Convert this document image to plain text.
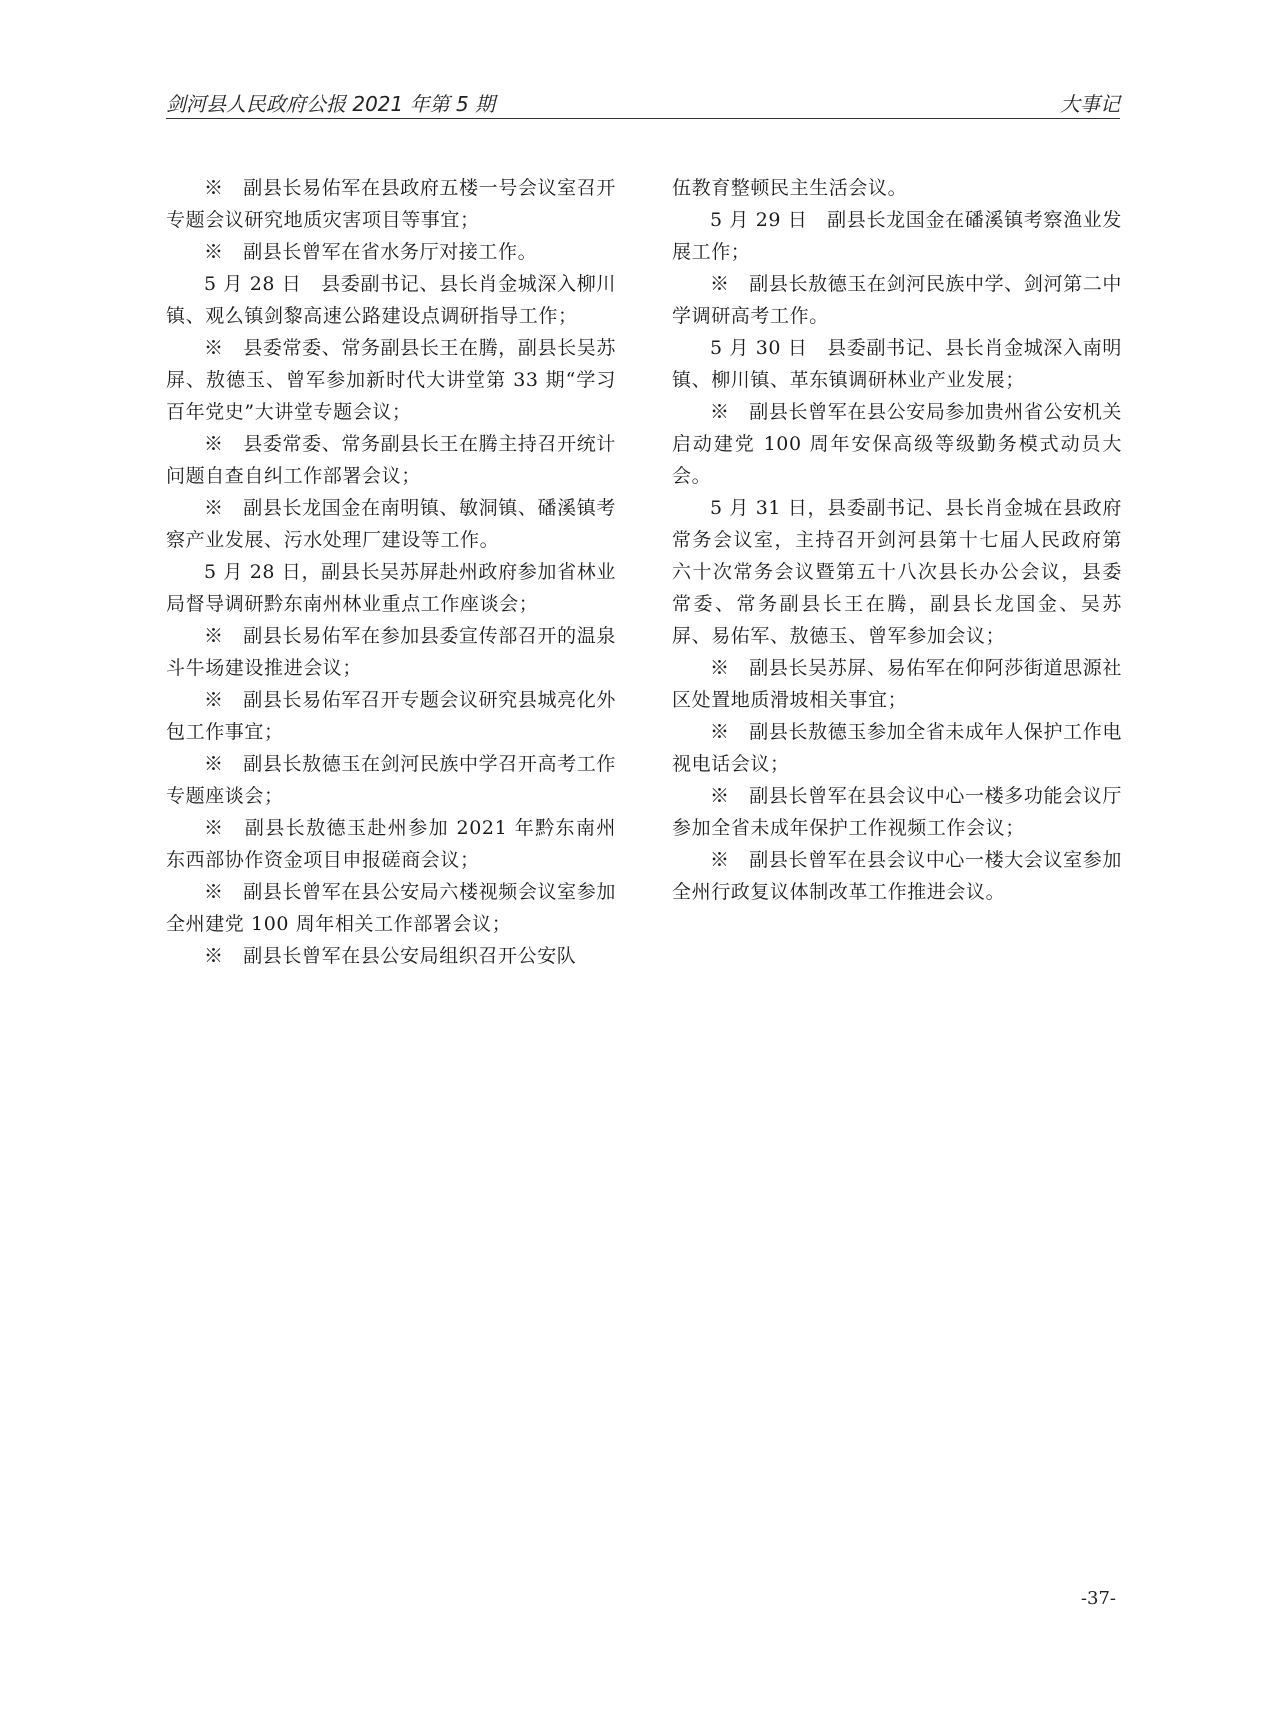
剑河县人民政府公报 2021 年第 5 期	大事记

※　副县长易佑军在县政府五楼一号会议室召开专题会议研究地质灾害项目等事宜；

※　副县长曾军在省水务厅对接工作。

5 月 28 日　县委副书记、县长肖金城深入柳川镇、观么镇剑黎高速公路建设点调研指导工作；

※　县委常委、常务副县长王在腾，副县长吴苏屏、敖德玉、曾军参加新时代大讲堂第 33 期“学习百年党史”大讲堂专题会议；

※　县委常委、常务副县长王在腾主持召开统计问题自查自纠工作部署会议；

※　副县长龙国金在南明镇、敏洞镇、磻溪镇考察产业发展、污水处理厂建设等工作。

5 月 28 日，副县长吴苏屏赴州政府参加省林业局督导调研黔东南州林业重点工作座谈会；

※　副县长易佑军在参加县委宣传部召开的温泉斗牛场建设推进会议；

※　副县长易佑军召开专题会议研究县城亮化外包工作事宜；

※　副县长敖德玉在剑河民族中学召开高考工作专题座谈会；

※　副县长敖德玉赴州参加 2021 年黔东南州东西部协作资金项目申报磋商会议；

※　副县长曾军在县公安局六楼视频会议室参加全州建党 100 周年相关工作部署会议；

※　副县长曾军在县公安局组织召开公安队

伍教育整顿民主生活会议。

5 月 29 日　副县长龙国金在磻溪镇考察渔业发展工作；

※　副县长敖德玉在剑河民族中学、剑河第二中学调研高考工作。

5 月 30 日　县委副书记、县长肖金城深入南明镇、柳川镇、革东镇调研林业产业发展；

※　副县长曾军在县公安局参加贵州省公安机关启动建党 100 周年安保高级等级勤务模式动员大会。

5 月 31 日，县委副书记、县长肖金城在县政府常务会议室，主持召开剑河县第十七届人民政府第六十次常务会议暨第五十八次县长办公会议，县委常委、常务副县长王在腾，副县长龙国金、吴苏屏、易佑军、敖德玉、曾军参加会议；

※　副县长吴苏屏、易佑军在仰阿莎街道思源社区处置地质滑坡相关事宜；

※　副县长敖德玉参加全省未成年人保护工作电视电话会议；

※　副县长曾军在县会议中心一楼多功能会议厅参加全省未成年保护工作视频工作会议；

※　副县长曾军在县会议中心一楼大会议室参加全州行政复议体制改革工作推进会议。

-37-
